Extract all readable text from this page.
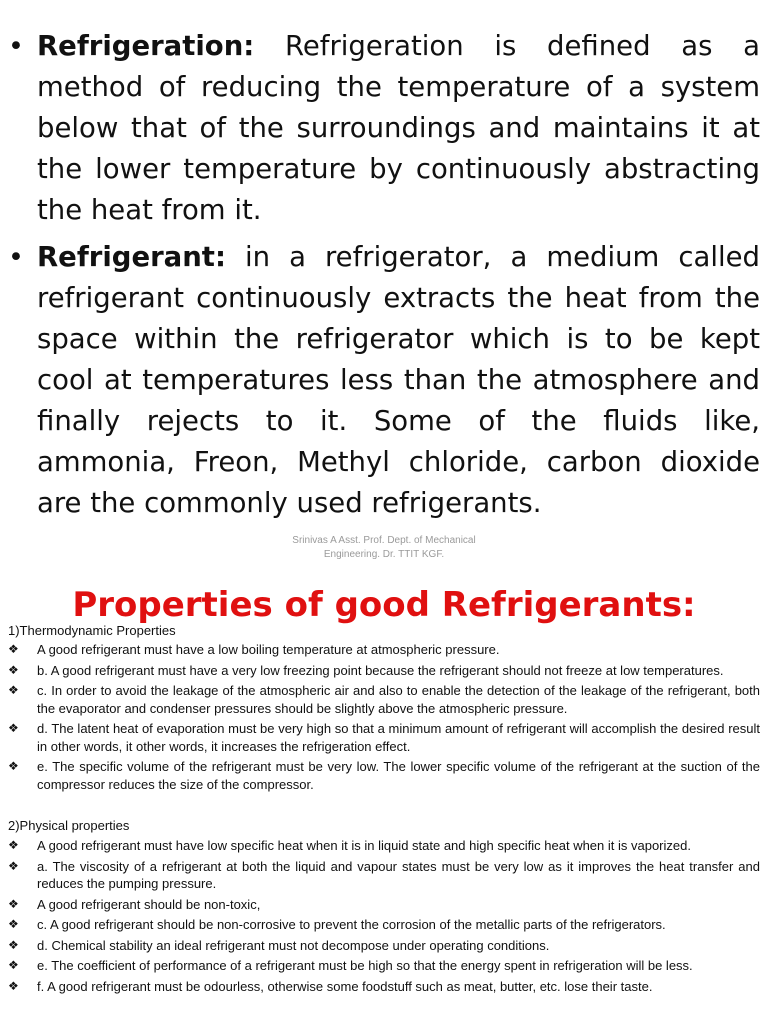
• Refrigeration: Refrigeration is defined as a method of reducing the temperature of a system below that of the surroundings and maintains it at the lower temperature by continuously abstracting the heat from it.
• Refrigerant: in a refrigerator, a medium called refrigerant continuously extracts the heat from the space within the refrigerator which is to be kept cool at temperatures less than the atmosphere and finally rejects to it. Some of the fluids like, ammonia, Freon, Methyl chloride, carbon dioxide are the commonly used refrigerants.
Srinivas A Asst. Prof. Dept. of Mechanical
Engineering. Dr. TTIT KGF.
Properties of good Refrigerants:
1)Thermodynamic Properties
❖ A good refrigerant must have a low boiling temperature at atmospheric pressure.
❖ b. A good refrigerant must have a very low freezing point because the refrigerant should not freeze at low temperatures.
❖ c. In order to avoid the leakage of the atmospheric air and also to enable the detection of the leakage of the refrigerant, both the evaporator and condenser pressures should be slightly above the atmospheric pressure.
❖ d. The latent heat of evaporation must be very high so that a minimum amount of refrigerant will accomplish the desired result in other words, it other words, it increases the refrigeration effect.
❖ e. The specific volume of the refrigerant must be very low. The lower specific volume of the refrigerant at the suction of the compressor reduces the size of the compressor.
2)Physical properties
❖ A good refrigerant must have low specific heat when it is in liquid state and high specific heat when it is vaporized.
❖ a. The viscosity of a refrigerant at both the liquid and vapour states must be very low as it improves the heat transfer and reduces the pumping pressure.
❖ A good refrigerant should be non-toxic,
❖ c. A good refrigerant should be non-corrosive to prevent the corrosion of the metallic parts of the refrigerators.
❖ d. Chemical stability an ideal refrigerant must not decompose under operating conditions.
❖ e. The coefficient of performance of a refrigerant must be high so that the energy spent in refrigeration will be less.
❖ f. A good refrigerant must be odourless, otherwise some foodstuff such as meat, butter, etc. lose their taste.
